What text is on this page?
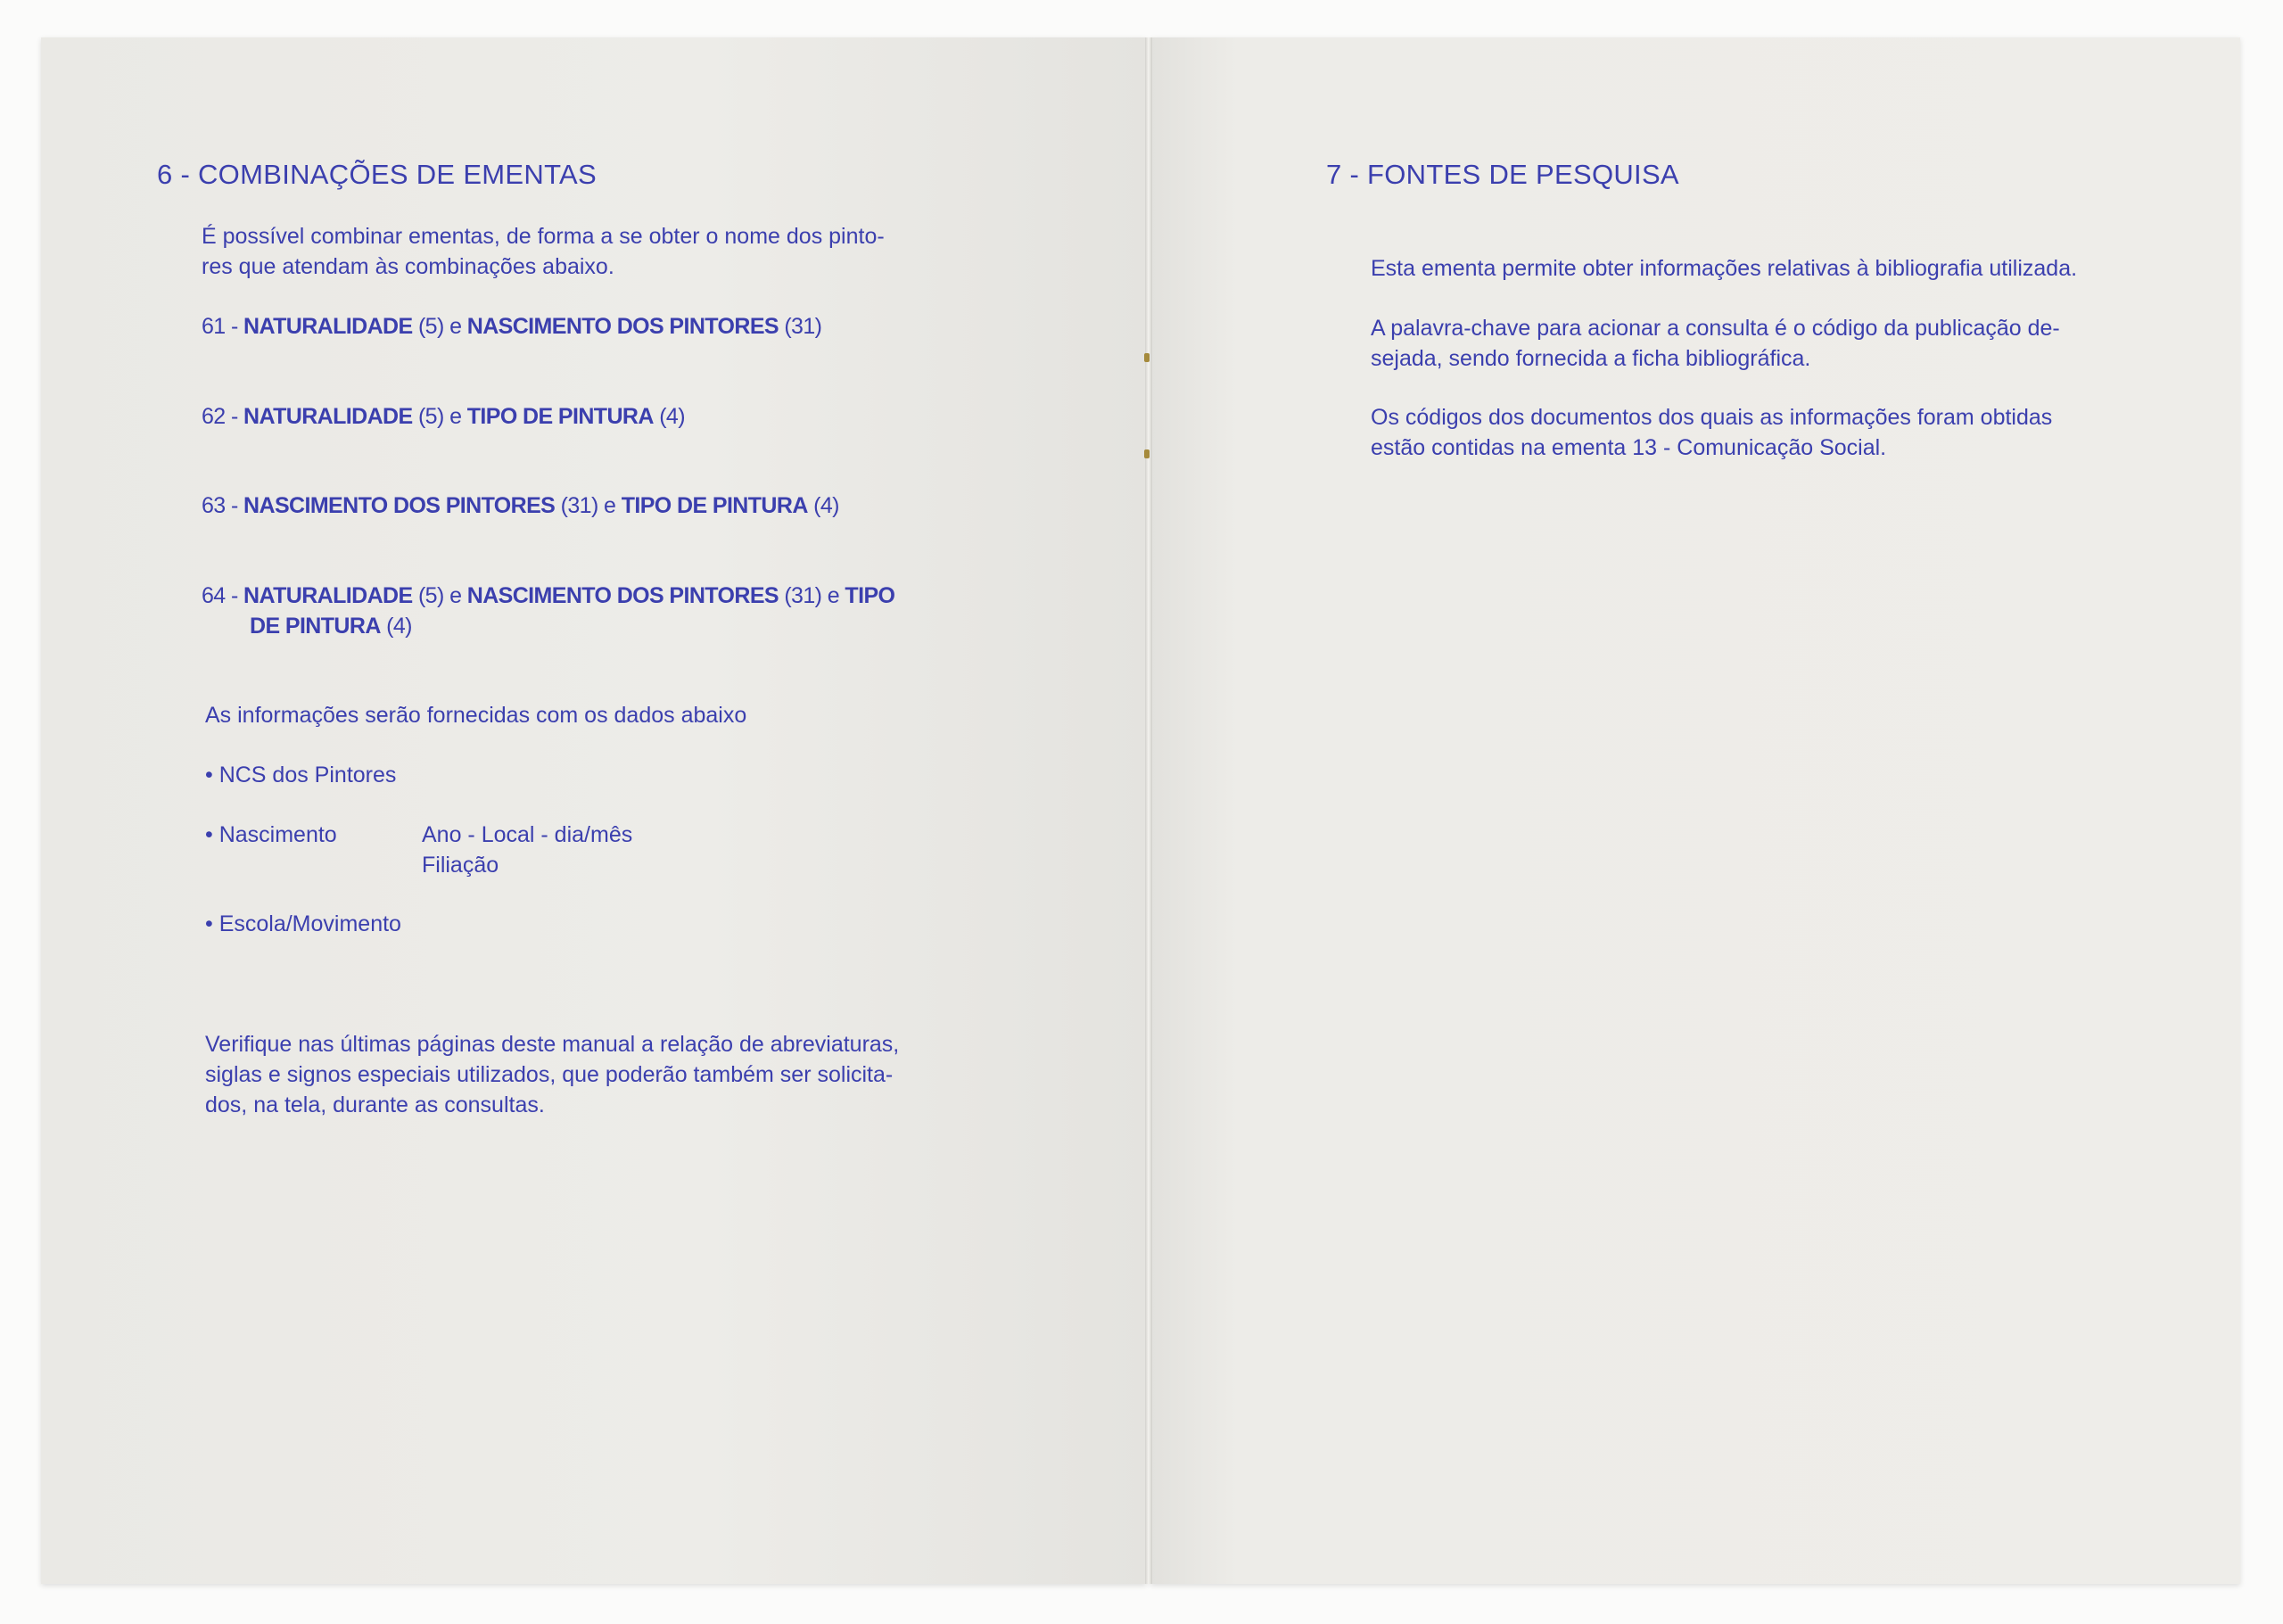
6 - COMBINAÇÕES DE EMENTAS
É possível combinar ementas, de forma a se obter o nome dos pinto-
res que atendam às combinações abaixo.
61 - NATURALIDADE (5) e NASCIMENTO DOS PINTORES (31)
62 - NATURALIDADE (5) e TIPO DE PINTURA (4)
63 - NASCIMENTO DOS PINTORES (31) e TIPO DE PINTURA (4)
64 - NATURALIDADE (5) e NASCIMENTO DOS PINTORES (31) e TIPO
DE PINTURA (4)
As informações serão fornecidas com os dados abaixo
• NCS dos Pintores
• Nascimento	Ano - Local - dia/mês
Filiação
• Escola/Movimento
Verifique nas últimas páginas deste manual a relação de abreviaturas,
siglas e signos especiais utilizados, que poderão também ser solicita-
dos, na tela, durante as consultas.
7 - FONTES DE PESQUISA
Esta ementa permite obter informações relativas à bibliografia utilizada.
A palavra-chave para acionar a consulta é o código da publicação de-
sejada, sendo fornecida a ficha bibliográfica.
Os códigos dos documentos dos quais as informações foram obtidas
estão contidas na ementa 13 - Comunicação Social.
